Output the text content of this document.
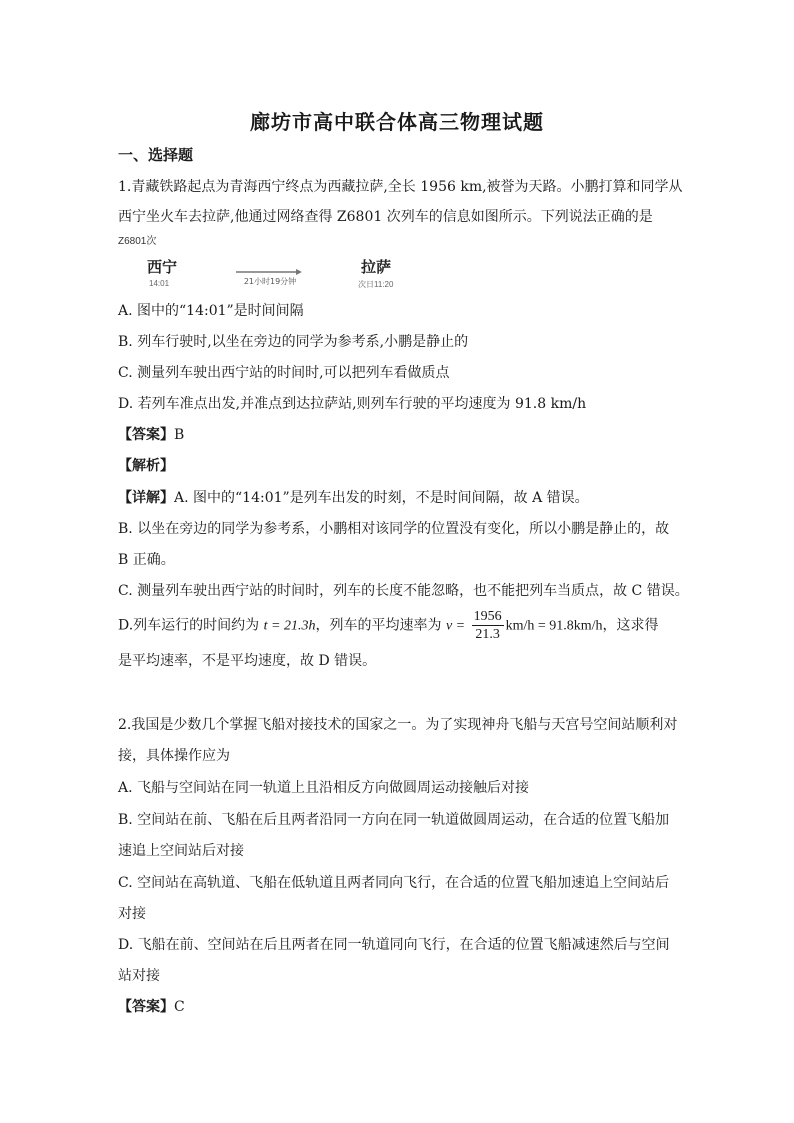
廊坊市高中联合体高三物理试题
一、选择题
1.青藏铁路起点为青海西宁终点为西藏拉萨,全长 1956 km,被誉为天路。小鹏打算和同学从
西宁坐火车去拉萨,他通过网络查得 Z6801 次列车的信息如图所示。下列说法正确的是
Z6801次
西宁
14:01	21小时19分钟
拉萨
次日11:20
A. 图中的“14:01”是时间间隔
B. 列车行驶时,以坐在旁边的同学为参考系,小鹏是静止的
C. 测量列车驶出西宁站的时间时,可以把列车看做质点
D. 若列车准点出发,并准点到达拉萨站,则列车行驶的平均速度为 91.8 km/h
【答案】B
【解析】
【详解】A. 图中的“14:01”是列车出发的时刻，不是时间间隔，故 A 错误。
B. 以坐在旁边的同学为参考系，小鹏相对该同学的位置没有变化，所以小鹏是静止的，故
B 正确。
C. 测量列车驶出西宁站的时间时，列车的长度不能忽略，也不能把列车当质点，故 C 错误。
D.列车运行的时间约为 t = 21.3h，列车的平均速率为 $v = \frac{1956}{21.3} km/h = 91.8km/h$，这求得
是平均速率，不是平均速度，故 D 错误。
2.我国是少数几个掌握飞船对接技术的国家之一。为了实现神舟飞船与天宫号空间站顺利对
接，具体操作应为
A. 飞船与空间站在同一轨道上且沿相反方向做圆周运动接触后对接
B. 空间站在前、飞船在后且两者沿同一方向在同一轨道做圆周运动，在合适的位置飞船加
速追上空间站后对接
C. 空间站在高轨道、飞船在低轨道且两者同向飞行，在合适的位置飞船加速追上空间站后
对接
D. 飞船在前、空间站在后且两者在同一轨道同向飞行，在合适的位置飞船减速然后与空间
站对接
【答案】C
